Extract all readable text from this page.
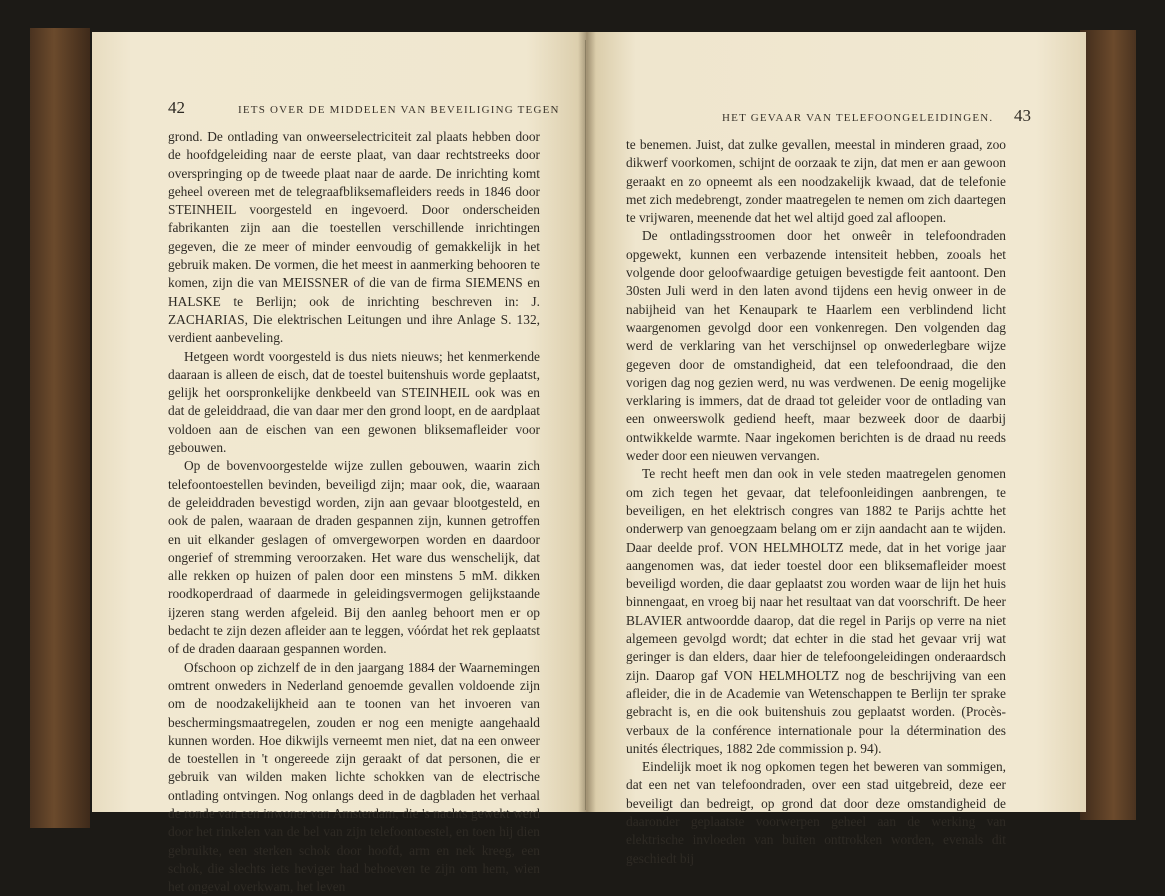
42	IETS OVER DE MIDDELEN VAN BEVEILIGING TEGEN

grond. De ontlading van onweerselectriciteit zal plaats hebben door de hoofdgeleiding naar de eerste plaat, van daar rechtstreeks door overspringing op de tweede plaat naar de aarde. De inrichting komt geheel overeen met de telegraafbliksemafleiders reeds in 1846 door STEINHEIL voorgesteld en ingevoerd. Door onderscheiden fabrikanten zijn aan die toestellen verschillende inrichtingen gegeven, die ze meer of minder eenvoudig of gemakkelijk in het gebruik maken. De vormen, die het meest in aanmerking behooren te komen, zijn die van MEISSNER of die van de firma SIEMENS en HALSKE te Berlijn; ook de inrichting beschreven in: J. ZACHARIAS, Die elektrischen Leitungen und ihre Anlage S. 132, verdient aanbeveling.

Hetgeen wordt voorgesteld is dus niets nieuws; het kenmerkende daaraan is alleen de eisch, dat de toestel buitenshuis worde geplaatst, gelijk het oorspronkelijke denkbeeld van STEINHEIL ook was en dat de geleiddraad, die van daar mer den grond loopt, en de aardplaat voldoen aan de eischen van een gewonen bliksemafleider voor gebouwen.

Op de bovenvoorgestelde wijze zullen gebouwen, waarin zich telefoontoestellen bevinden, beveiligd zijn; maar ook, die, waaraan de geleiddraden bevestigd worden, zijn aan gevaar blootgesteld, en ook de palen, waaraan de draden gespannen zijn, kunnen getroffen en uit elkander geslagen of omvergeworpen worden en daardoor ongerief of stremming veroorzaken. Het ware dus wenschelijk, dat alle rekken op huizen of palen door een minstens 5 mM. dikken roodkoperdraad of daarmede in geleidingsvermogen gelijkstaande ijzeren stang werden afgeleid. Bij den aanleg behoort men er op bedacht te zijn dezen afleider aan te leggen, vóórdat het rek geplaatst of de draden daaraan gespannen worden.

Ofschoon op zichzelf de in den jaargang 1884 der Waarnemingen omtrent onweders in Nederland genoemde gevallen voldoende zijn om de noodzakelijkheid aan te toonen van het invoeren van beschermingsmaatregelen, zouden er nog een menigte aangehaald kunnen worden. Hoe dikwijls verneemt men niet, dat na een onweer de toestellen in 't ongereede zijn geraakt of dat personen, die er gebruik van wilden maken lichte schokken van de electrische ontlading ontvingen. Nog onlangs deed in de dagbladen het verhaal de ronde van een inwoner van Amsterdam, die 's nachts gewekt werd door het rinkelen van de bel van zijn telefoontoestel, en toen hij dien gebruikte, een sterken schok door hoofd, arm en nek kreeg, een schok, die slechts iets heviger had behoeven te zijn om hem, wien het ongeval overkwam, het leven

HET GEVAAR VAN TELEFOONGELEIDINGEN. 43

te benemen. Juist, dat zulke gevallen, meestal in minderen graad, zoo dikwerf voorkomen, schijnt de oorzaak te zijn, dat men er aan gewoon geraakt en zo opneemt als een noodzakelijk kwaad, dat de telefonie met zich medebrengt, zonder maatregelen te nemen om zich daartegen te vrijwaren, meenende dat het wel altijd goed zal afloopen.

De ontladingsstroomen door het onweêr in telefoondraden opgewekt, kunnen een verbazende intensiteit hebben, zooals het volgende door geloofwaardige getuigen bevestigde feit aantoont. Den 30sten Juli werd in den laten avond tijdens een hevig onweer in de nabijheid van het Kenaupark te Haarlem een verblindend licht waargenomen gevolgd door een vonkenregen. Den volgenden dag werd de verklaring van het verschijnsel op onwederlegbare wijze gegeven door de omstandigheid, dat een telefoondraad, die den vorigen dag nog gezien werd, nu was verdwenen. De eenig mogelijke verklaring is immers, dat de draad tot geleider voor de ontlading van een onweerswolk gediend heeft, maar bezweek door de daarbij ontwikkelde warmte. Naar ingekomen berichten is de draad nu reeds weder door een nieuwen vervangen.

Te recht heeft men dan ook in vele steden maatregelen genomen om zich tegen het gevaar, dat telefoonleidingen aanbrengen, te beveiligen, en het elektrisch congres van 1882 te Parijs achtte het onderwerp van genoegzaam belang om er zijn aandacht aan te wijden. Daar deelde prof. VON HELMHOLTZ mede, dat in het vorige jaar aangenomen was, dat ieder toestel door een bliksemafleider moest beveiligd worden, die daar geplaatst zou worden waar de lijn het huis binnengaat, en vroeg bij naar het resultaat van dat voorschrift. De heer BLAVIER antwoordde daarop, dat die regel in Parijs op verre na niet algemeen gevolgd wordt; dat echter in die stad het gevaar vrij wat geringer is dan elders, daar hier de telefoongeleidingen onderaardsch zijn. Daarop gaf VON HELMHOLTZ nog de beschrijving van een afleider, die in de Academie van Wetenschappen te Berlijn ter sprake gebracht is, en die ook buitenshuis zou geplaatst worden. (Procès-verbaux de la conférence internationale pour la détermination des unités électriques, 1882 2de commission p. 94).

Eindelijk moet ik nog opkomen tegen het beweren van sommigen, dat een net van telefoondraden, over een stad uitgebreid, deze eer beveiligt dan bedreigt, op grond dat door deze omstandigheid de daaronder geplaatste voorwerpen geheel aan de werking van elektrische invloeden van buiten onttrokken worden, evenals dit geschiedt bij
